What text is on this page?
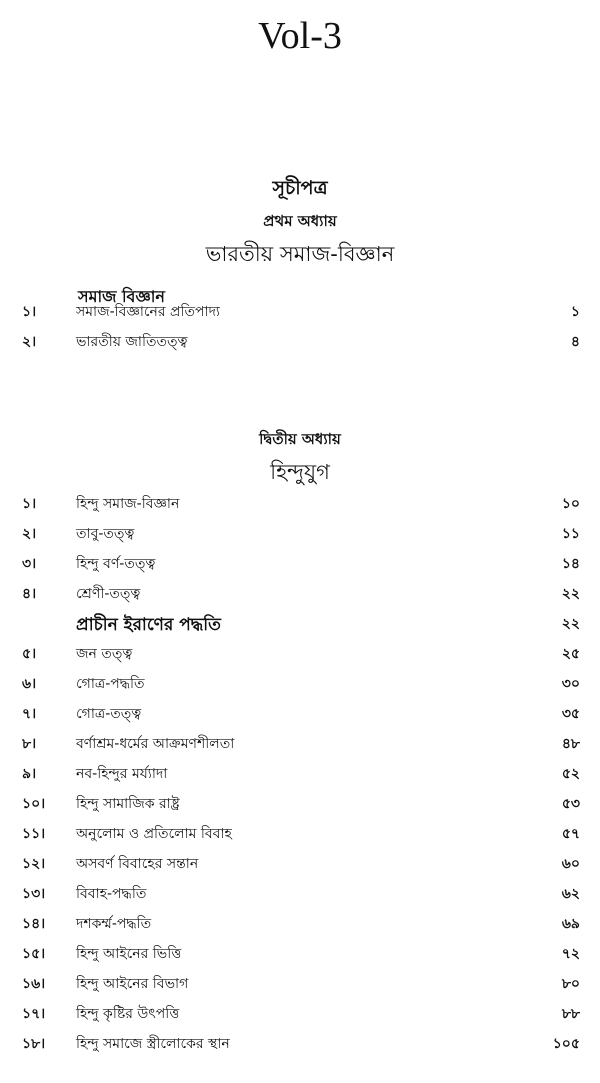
Vol-3
সূচীপত্র
প্রথম অধ্যায়
ভারতীয় সমাজ-বিজ্ঞান
সমাজ বিজ্ঞান
১।	সমাজ-বিজ্ঞানের প্রতিপাদ্য	১
২।	ভারতীয় জাতিতত্ত্ব	৪
দ্বিতীয় অধ্যায়
হিন্দুযুগ
১।	হিন্দু সমাজ-বিজ্ঞান	১০
২।	তাবু-তত্ত্ব	১১
৩।	হিন্দু বর্ণ-তত্ত্ব	১৪
৪।	শ্রেণী-তত্ত্ব	২২
প্রাচীন ইরাণের পদ্ধতি	২২
৫।	জন তত্ত্ব	২৫
৬।	গোত্র-পদ্ধতি	৩০
৭।	গোত্র-তত্ত্ব	৩৫
৮।	বর্ণাশ্রম-ধর্মের আক্রমণশীলতা	৪৮
৯।	নব-হিন্দুর মর্য্যাদা	৫২
১০।	হিন্দু সামাজিক রাষ্ট্র	৫৩
১১।	অনুলোম ও প্রতিলোম বিবাহ	৫৭
১২।	অসবর্ণ বিবাহের সন্তান	৬০
১৩।	বিবাহ-পদ্ধতি	৬২
১৪।	দশকর্ম্ম-পদ্ধতি	৬৯
১৫।	হিন্দু আইনের ভিত্তি	৭২
১৬।	হিন্দু আইনের বিভাগ	৮০
১৭।	হিন্দু কৃষ্টির উৎপত্তি	৮৮
১৮।	হিন্দু সমাজে স্ত্রীলোকের স্থান	১০৫
